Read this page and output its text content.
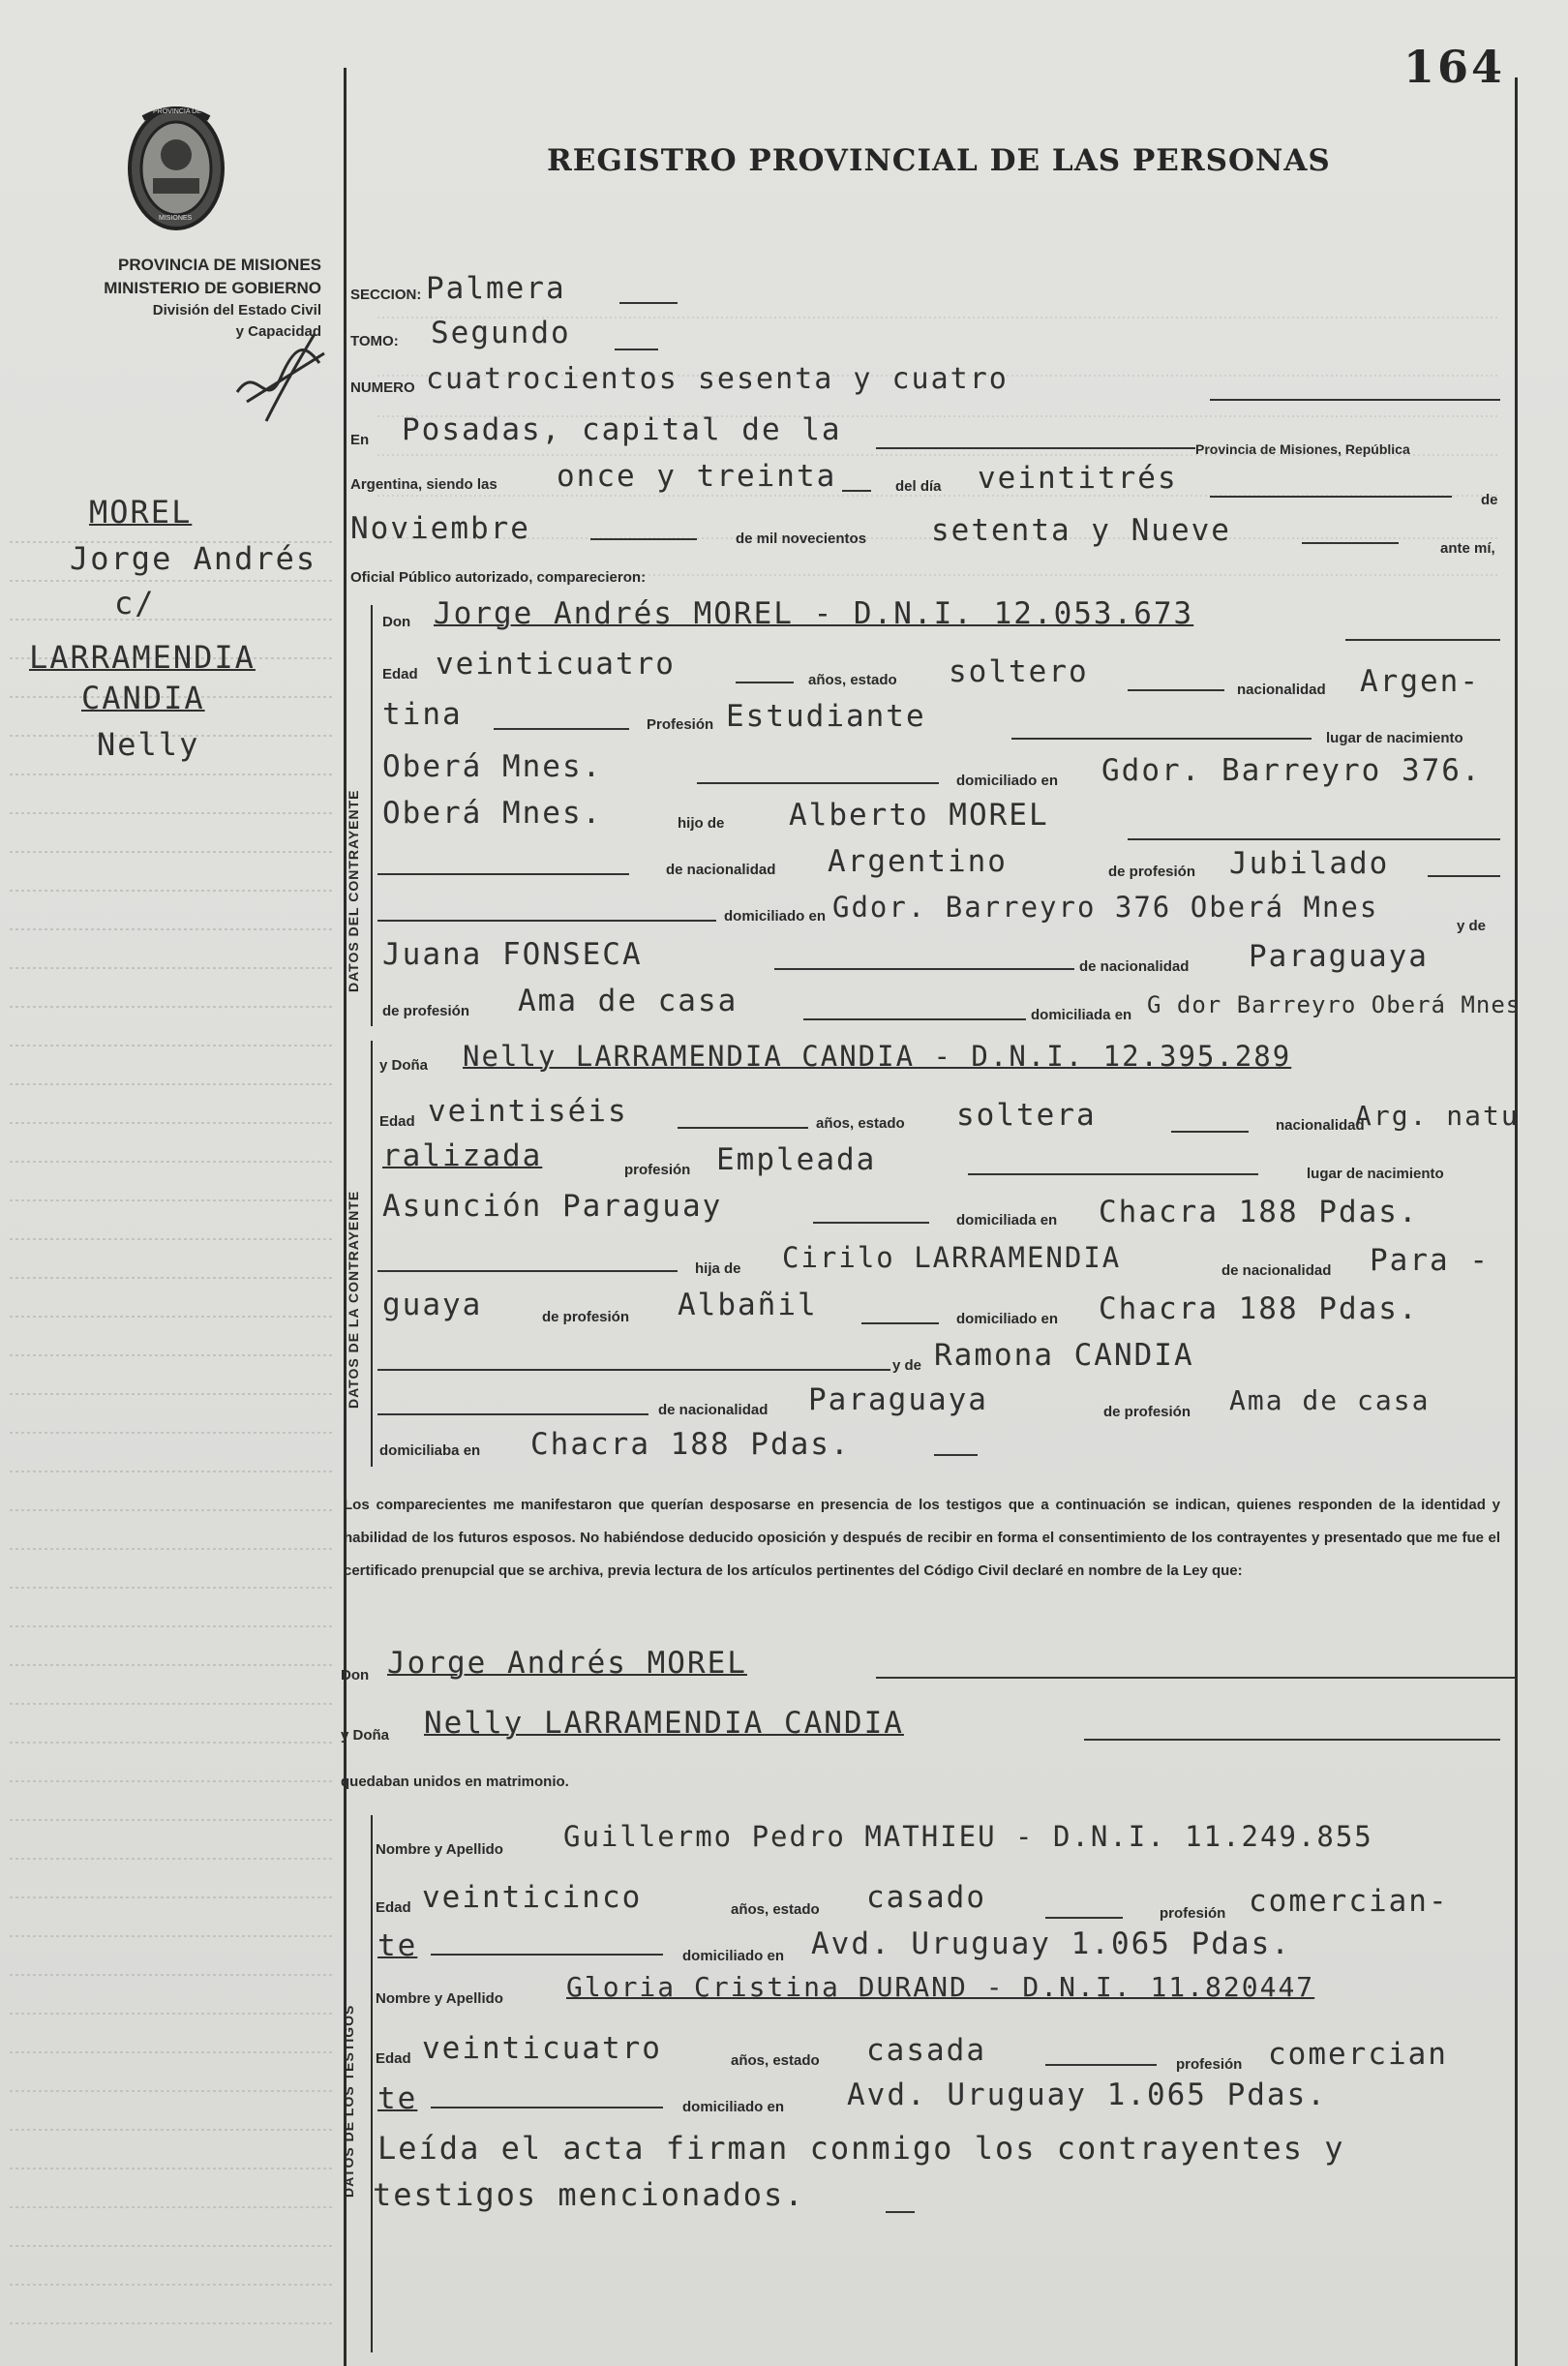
164
PROVINCIA DE
MISIONES
PROVINCIA DE MISIONES
MINISTERIO DE GOBIERNO
División del Estado Civil
y Capacidad
REGISTRO PROVINCIAL DE LAS PERSONAS
MOREL
Jorge Andrés
c/
LARRAMENDIA
CANDIA
Nelly
SECCION: Palmera
TOMO: Segundo
NUMERO cuatrocientos sesenta y cuatro
En Posadas, capital de la
Provincia de Misiones, República
Argentina, siendo las once y treinta	del día veintitrés
de
Noviembre	de mil novecientos setenta y Nueve
ante mí,
Oficial Público autorizado, comparecieron:
DATOS DEL CONTRAYENTE
Don Jorge Andrés MOREL - D.N.I. 12.053.673
Edad veinticuatro	años, estado soltero
nacionalidad Argen-
tina	Profesión Estudiante
lugar de nacimiento
Oberá Mnes.	domiciliado en Gdor. Barreyro 376.
Oberá Mnes.	hijo de Alberto MOREL
de nacionalidad Argentino	de profesión Jubilado
domiciliado en Gdor. Barreyro 376 Oberá Mnes
y de
Juana FONSECA	de nacionalidad Paraguaya
de profesión Ama de casa	domiciliada en G dor Barreyro Oberá Mnes
DATOS DE LA CONTRAYENTE
y Doña Nelly LARRAMENDIA CANDIA - D.N.I. 12.395.289
Edad veintiséis	años, estado soltera	nacionalidad
Arg. natu
ralizada	profesión Empleada	lugar de nacimiento
Asunción Paraguay	domiciliada en Chacra 188 Pdas.
hija de Cirilo LARRAMENDIA	de nacionalidad Para -
guaya	de profesión Albañil	domiciliado en Chacra 188 Pdas.
y de Ramona CANDIA
de nacionalidad Paraguaya	de profesión Ama de casa
domiciliaba en Chacra 188 Pdas.
Los comparecientes me manifestaron que querían desposarse en presencia de los testigos que a continuación se indican, quienes responden de la identidad y habilidad de los futuros esposos. No habiéndose deducido oposición y después de recibir en forma el consentimiento de los contrayentes y presentado que me fue el certificado prenupcial que se archiva, previa lectura de los artículos pertinentes del Código Civil declaré en nombre de la Ley que:
Don Jorge Andrés MOREL
y Doña Nelly LARRAMENDIA CANDIA
quedaban unidos en matrimonio.
DATOS DE LOS TESTIGOS
Nombre y Apellido Guillermo Pedro MATHIEU - D.N.I. 11.249.855
Edad veinticinco	años, estado casado	profesión comercian-
te	domiciliado en Avd. Uruguay 1.065 Pdas.
Nombre y Apellido Gloria Cristina DURAND - D.N.I. 11.820447
Edad veinticuatro	años, estado casada	profesión comercian
te	domiciliado en Avd. Uruguay 1.065 Pdas.
Leída el acta firman conmigo los contrayentes y
testigos mencionados.
